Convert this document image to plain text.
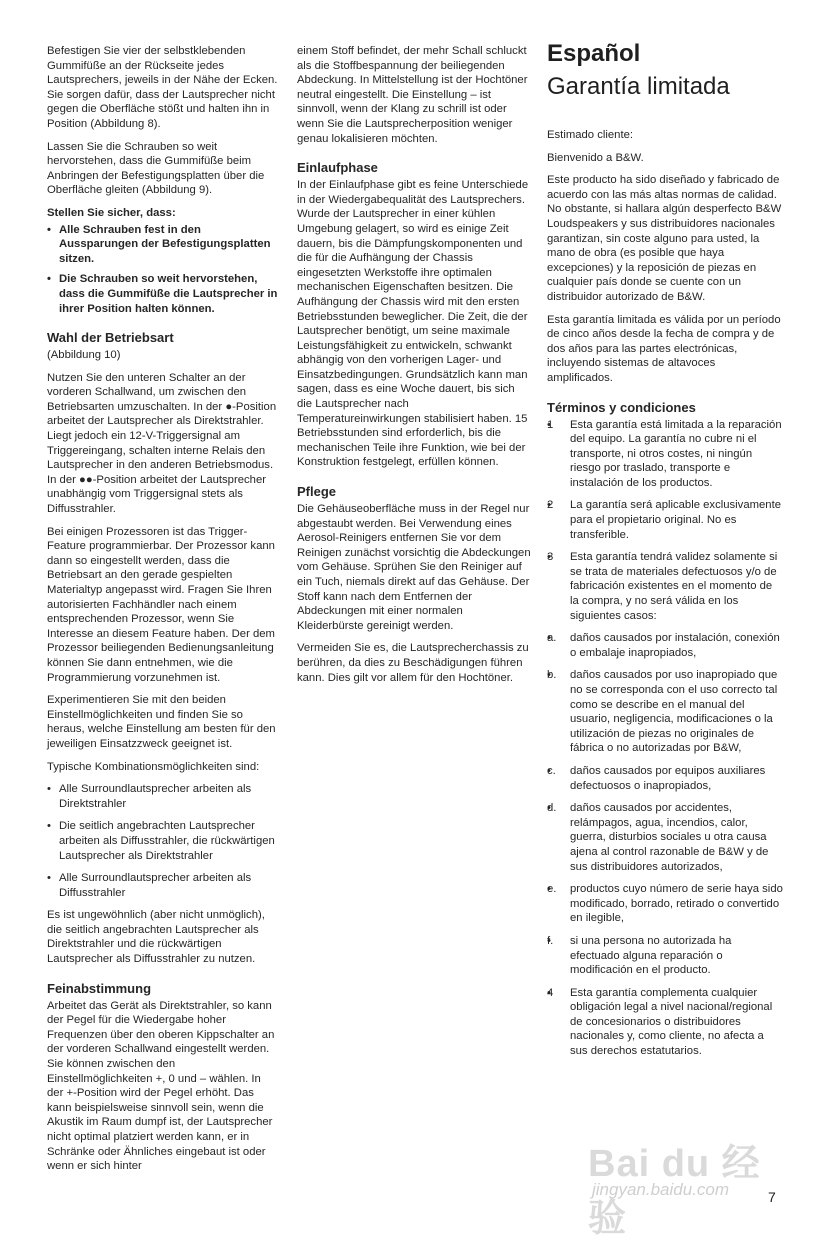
Befestigen Sie vier der selbstklebenden Gummifüße an der Rückseite jedes Lautsprechers, jeweils in der Nähe der Ecken. Sie sorgen dafür, dass der Lautsprecher nicht gegen die Oberfläche stößt und halten ihn in Position (Abbildung 8).

Lassen Sie die Schrauben so weit hervorstehen, dass die Gummifüße beim Anbringen der Befestigungsplatten über die Oberfläche gleiten (Abbildung 9).

Stellen Sie sicher, dass:

• Alle Schrauben fest in den Aussparungen der Befestigungsplatten sitzen.
• Die Schrauben so weit hervorstehen, dass die Gummifüße die Lautsprecher in ihrer Position halten können.
Wahl der Betriebsart

(Abbildung 10)

Nutzen Sie den unteren Schalter an der vorderen Schallwand, um zwischen den Betriebsarten umzuschalten. In der ●-Position arbeitet der Lautsprecher als Direktstrahler. Liegt jedoch ein 12-V-Triggersignal am Triggereingang, schalten interne Relais den Lautsprecher in den anderen Betriebsmodus. In der ●●-Position arbeitet der Lautsprecher unabhängig vom Triggersignal stets als Diffusstrahler.

Bei einigen Prozessoren ist das Trigger-Feature programmierbar. Der Prozessor kann dann so eingestellt werden, dass die Betriebsart an den gerade gespielten Materialtyp angepasst wird. Fragen Sie Ihren autorisierten Fachhändler nach einem entsprechenden Prozessor, wenn Sie Interesse an diesem Feature haben. Der dem Prozessor beiliegenden Bedienungsanleitung können Sie dann entnehmen, wie die Programmierung vorzunehmen ist.

Experimentieren Sie mit den beiden Einstellmöglichkeiten und finden Sie so heraus, welche Einstellung am besten für den jeweiligen Einsatzzweck geeignet ist.

Typische Kombinationsmöglichkeiten sind:

• Alle Surroundlautsprecher arbeiten als Direktstrahler
• Die seitlich angebrachten Lautsprecher arbeiten als Diffusstrahler, die rückwärtigen Lautsprecher als Direktstrahler
• Alle Surroundlautsprecher arbeiten als Diffusstrahler

Es ist ungewöhnlich (aber nicht unmöglich), die seitlich angebrachten Lautsprecher als Direktstrahler und die rückwärtigen Lautsprecher als Diffusstrahler zu nutzen.

Feinabstimmung

Arbeitet das Gerät als Direktstrahler, so kann der Pegel für die Wiedergabe hoher Frequenzen über den oberen Kippschalter an der vorderen Schallwand eingestellt werden. Sie können zwischen den Einstellmöglichkeiten +, 0 und – wählen. In der +-Position wird der Pegel erhöht. Das kann beispielsweise sinnvoll sein, wenn die Akustik im Raum dumpf ist, der Lautsprecher nicht optimal platziert werden kann, er in Schränke oder Ähnliches eingebaut ist oder wenn er sich hinter

einem Stoff befindet, der mehr Schall schluckt als die Stoffbespannung der beiliegenden Abdeckung. In Mittelstellung ist der Hochtöner neutral eingestellt. Die Einstellung – ist sinnvoll, wenn der Klang zu schrill ist oder wenn Sie die Lautsprecherposition weniger genau lokalisieren möchten.

Einlaufphase

In der Einlaufphase gibt es feine Unterschiede in der Wiedergabequalität des Lautsprechers. Wurde der Lautsprecher in einer kühlen Umgebung gelagert, so wird es einige Zeit dauern, bis die Dämpfungskomponenten und die für die Aufhängung der Chassis eingesetzten Werkstoffe ihre optimalen mechanischen Eigenschaften besitzen. Die Aufhängung der Chassis wird mit den ersten Betriebsstunden beweglicher. Die Zeit, die der Lautsprecher benötigt, um seine maximale Leistungsfähigkeit zu entwickeln, schwankt abhängig von den vorherigen Lager- und Einsatzbedingungen. Grundsätzlich kann man sagen, dass es eine Woche dauert, bis sich die Lautsprecher nach Temperatureinwirkungen stabilisiert haben. 15 Betriebsstunden sind erforderlich, bis die mechanischen Teile ihre Funktion, wie bei der Konstruktion festgelegt, erfüllen können.

Pflege

Die Gehäuseoberfläche muss in der Regel nur abgestaubt werden. Bei Verwendung eines Aerosol-Reinigers entfernen Sie vor dem Reinigen zunächst vorsichtig die Abdeckungen vom Gehäuse. Sprühen Sie den Reiniger auf ein Tuch, niemals direkt auf das Gehäuse. Der Stoff kann nach dem Entfernen der Abdeckungen mit einer normalen Kleiderbürste gereinigt werden.

Vermeiden Sie es, die Lautsprecherchassis zu berühren, da dies zu Beschädigungen führen kann. Dies gilt vor allem für den Hochtöner.

Español
Garantía limitada

Estimado cliente:

Bienvenido a B&W.

Este producto ha sido diseñado y fabricado de acuerdo con las más altas normas de calidad. No obstante, si hallara algún desperfecto B&W Loudspeakers y sus distribuidores nacionales garantizan, sin coste alguno para usted, la mano de obra (es posible que haya excepciones) y la reposición de piezas en cualquier país donde se cuente con un distribuidor autorizado de B&W.

Esta garantía limitada es válida por un período de cinco años desde la fecha de compra y de dos años para las partes electrónicas, incluyendo sistemas de altavoces amplificados.

Términos y condiciones
• 1 Esta garantía está limitada a la reparación del equipo. La garantía no cubre ni el transporte, ni otros costes, ni ningún riesgo por traslado, transporte e instalación de los productos.
• 2 La garantía será aplicable exclusivamente para el propietario original. No es transferible.
• 3 Esta garantía tendrá validez solamente si se trata de materiales defectuosos y/o de fabricación existentes en el momento de la compra, y no será válida en los siguientes casos:
• a. daños causados por instalación, conexión o embalaje inapropiados,
• b. daños causados por uso inapropiado que no se corresponda con el uso correcto tal como se describe en el manual del usuario, negligencia, modificaciones o la utilización de piezas no originales de fábrica o no autorizadas por B&W,
• c. daños causados por equipos auxiliares defectuosos o inapropiados,
• d. daños causados por accidentes, relámpagos, agua, incendios, calor, guerra, disturbios sociales u otra causa ajena al control razonable de B&W y de sus distribuidores autorizados,
• e. productos cuyo número de serie haya sido modificado, borrado, retirado o convertido en ilegible,
• f. si una persona no autorizada ha efectuado alguna reparación o modificación en el producto.
• 4 Esta garantía complementa cualquier obligación legal a nivel nacional/regional de concesionarios o distribuidores nacionales y, como cliente, no afecta a sus derechos estatutarios.
Bai du 经验
jingyan.baidu.com	7
